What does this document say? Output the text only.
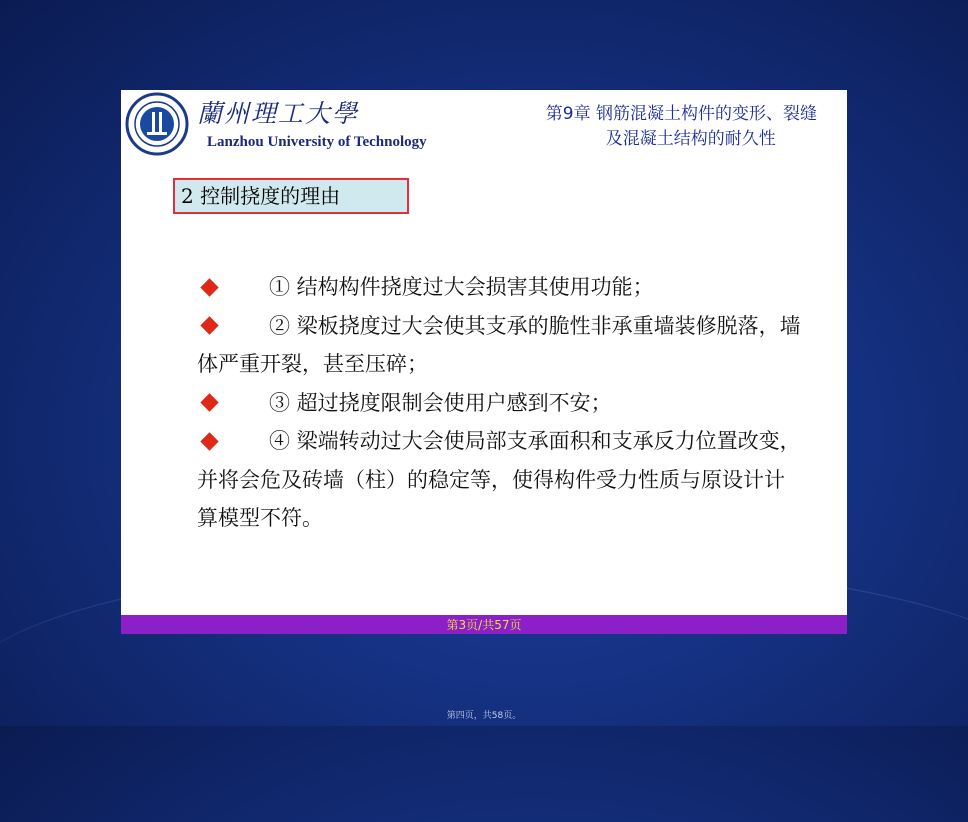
蘭州理工大學
Lanzhou University of Technology
第9章 钢筋混凝土构件的变形、裂缝
及混凝土结构的耐久性
2 控制挠度的理由
① 结构构件挠度过大会损害其使用功能；
② 梁板挠度过大会使其支承的脆性非承重墙装修脱落，墙体严重开裂，甚至压碎；
③ 超过挠度限制会使用户感到不安；
④ 梁端转动过大会使局部支承面积和支承反力位置改变，并将会危及砖墙（柱）的稳定等，使得构件受力性质与原设计计算模型不符。
第3页/共57页
第四页，共58页。
